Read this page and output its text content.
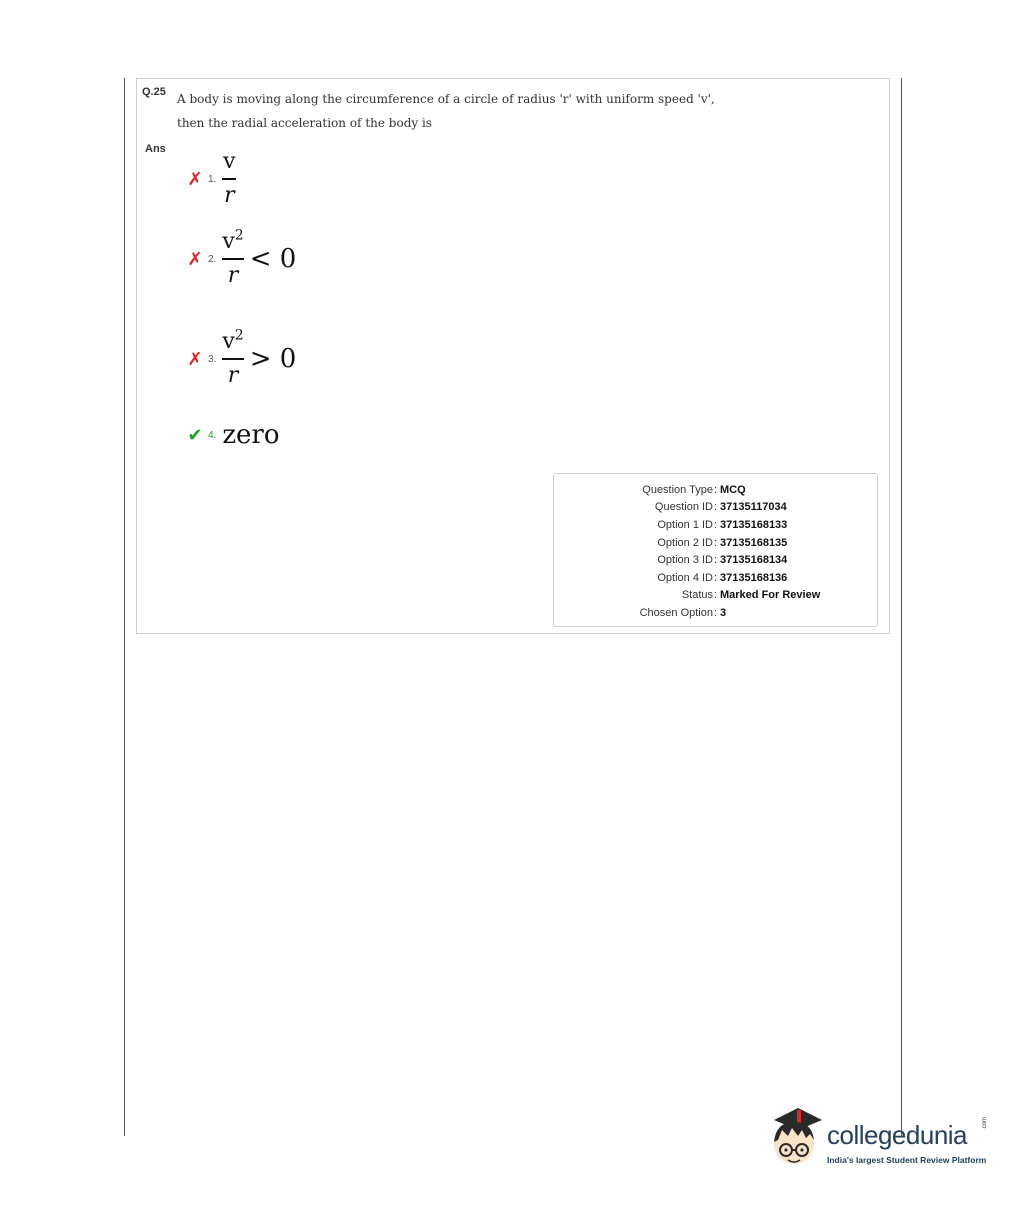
Q.25 A body is moving along the circumference of a circle of radius 'r' with uniform speed 'v', then the radial acceleration of the body is
Ans
✗ 1. $\frac{v}{r}$
✗ 2. $\frac{v^2}{r} < 0$
✗ 3. $\frac{v^2}{r} > 0$
✔ 4. zero
Question Type : MCQ
Question ID : 37135117034
Option 1 ID : 37135168133
Option 2 ID : 37135168135
Option 3 ID : 37135168134
Option 4 ID : 37135168136
Status : Marked For Review
Chosen Option : 3
collegedunia .com
India's largest Student Review Platform
